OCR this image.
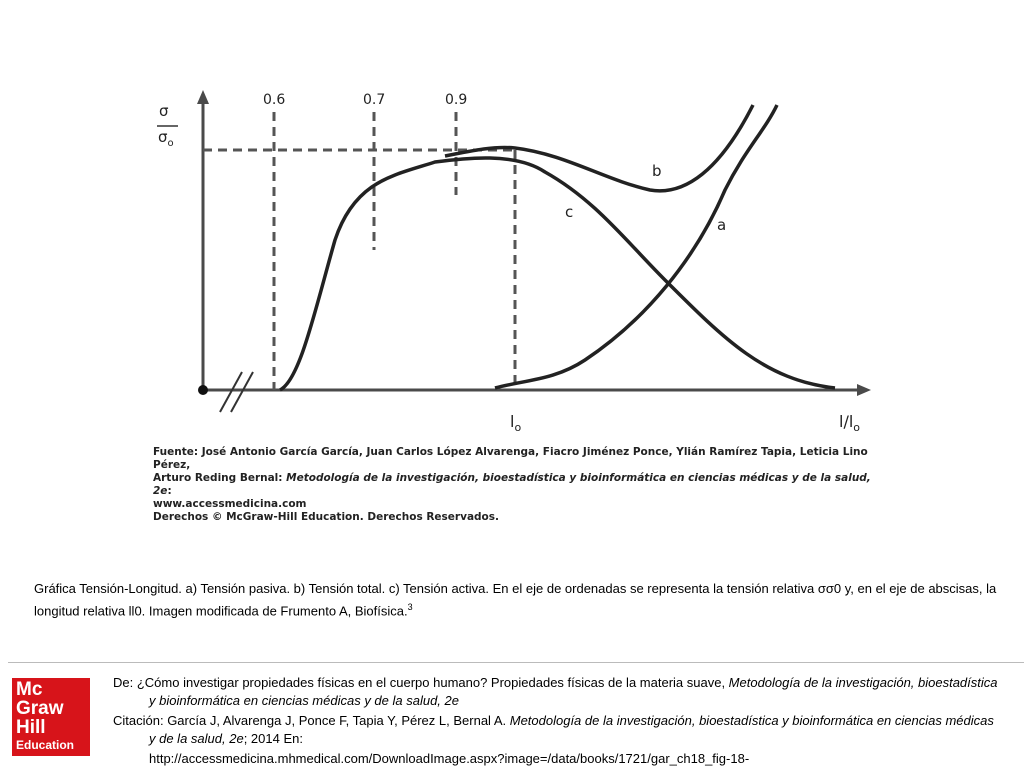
σ
$\sigma_o$
0.6	0.7	0.9
$l_o$	$l/l_o$
b
c
a
Fuente: José Antonio García García, Juan Carlos López Alvarenga, Fiacro Jiménez Ponce, Ylián Ramírez Tapia, Leticia Lino Pérez,
Arturo Reding Bernal: Metodología de la investigación, bioestadística y bioinformática en ciencias médicas y de la salud, 2e:
www.accessmedicina.com
Derechos © McGraw-Hill Education. Derechos Reservados.
Gráfica Tensión-Longitud. a) Tensión pasiva. b) Tensión total. c) Tensión activa. En el eje de ordenadas se representa la tensión relativa σσ0 y, en el eje de abscisas, la longitud relativa ll0. Imagen modificada de Frumento A, Biofísica.$^3$
Mc
Graw
Hill
Education

De: ¿Cómo investigar propiedades físicas en el cuerpo humano? Propiedades físicas de la materia suave, Metodología de la investigación, bioestadística y bioinformática en ciencias médicas y de la salud, 2e

Citación: García J, Alvarenga J, Ponce F, Tapia Y, Pérez L, Bernal A. Metodología de la investigación, bioestadística y bioinformática en ciencias médicas y de la salud, 2e; 2014 En:

http://accessmedicina.mhmedical.com/DownloadImage.aspx?image=/data/books/1721/gar_ch18_fig-18-
